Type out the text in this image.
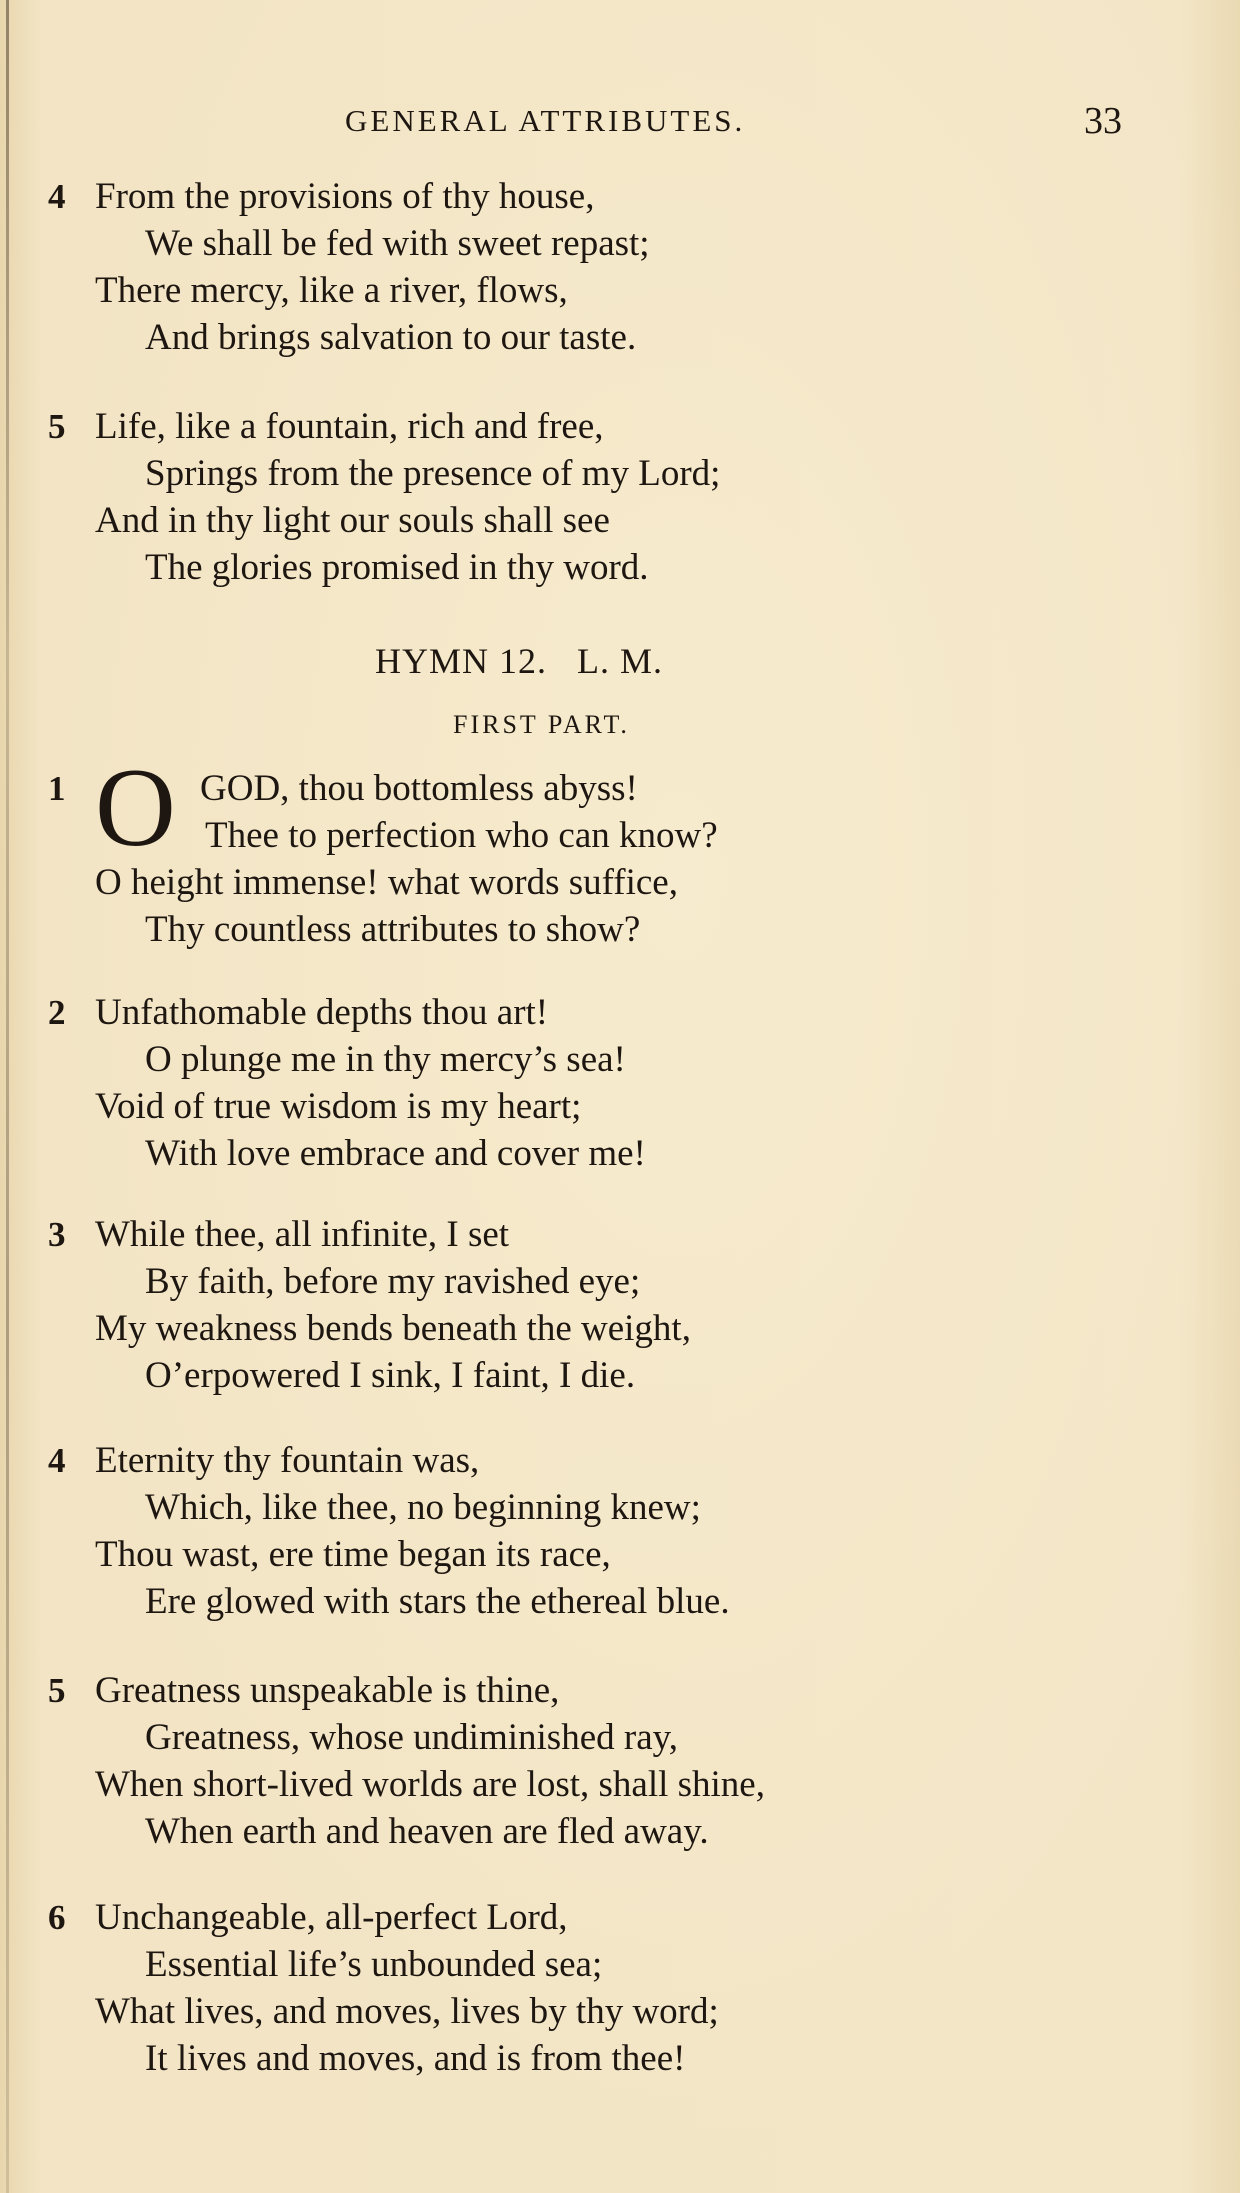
GENERAL ATTRIBUTES.	33
4 From the provisions of thy house,
We shall be fed with sweet repast;
There mercy, like a river, flows,
And brings salvation to our taste.
5 Life, like a fountain, rich and free,
Springs from the presence of my Lord;
And in thy light our souls shall see
The glories promised in thy word.
HYMN 12.   L. M.
FIRST PART.
O
1	GOD, thou bottomless abyss!
Thee to perfection who can know?
O height immense! what words suffice,
Thy countless attributes to show?
2 Unfathomable depths thou art!
O plunge me in thy mercy’s sea!
Void of true wisdom is my heart;
With love embrace and cover me!
3 While thee, all infinite, I set
By faith, before my ravished eye;
My weakness bends beneath the weight,
O’erpowered I sink, I faint, I die.
4 Eternity thy fountain was,
Which, like thee, no beginning knew;
Thou wast, ere time began its race,
Ere glowed with stars the ethereal blue.
5 Greatness unspeakable is thine,
Greatness, whose undiminished ray,
When short-lived worlds are lost, shall shine,
When earth and heaven are fled away.
6 Unchangeable, all-perfect Lord,
Essential life’s unbounded sea;
What lives, and moves, lives by thy word;
It lives and moves, and is from thee!
